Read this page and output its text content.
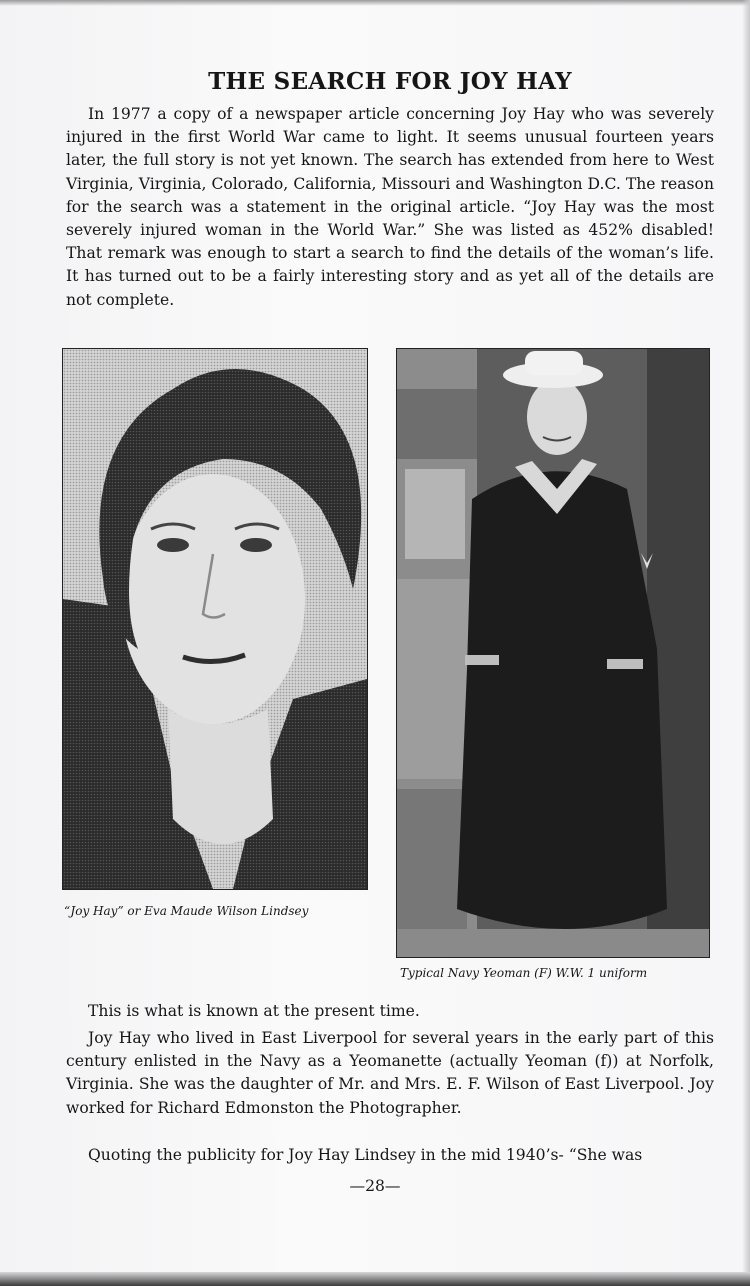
THE SEARCH FOR JOY HAY

In 1977 a copy of a newspaper article concerning Joy Hay who was severely injured in the first World War came to light. It seems unusual fourteen years later, the full story is not yet known. The search has extended from here to West Virginia, Virginia, Colorado, California, Missouri and Washington D.C. The reason for the search was a statement in the original article. “Joy Hay was the most severely injured woman in the World War.” She was listed as 452% disabled! That remark was enough to start a search to find the details of the woman’s life. It has turned out to be a fairly interesting story and as yet all of the details are not complete.

“Joy Hay” or Eva Maude Wilson Lindsey
Typical Navy Yeoman (F) W.W. 1 uniform

This is what is known at the present time.

Joy Hay who lived in East Liverpool for several years in the early part of this century enlisted in the Navy as a Yeomanette (actually Yeoman (f)) at Norfolk, Virginia. She was the daughter of Mr. and Mrs. E. F. Wilson of East Liverpool. Joy worked for Richard Edmonston the Photographer.

Quoting the publicity for Joy Hay Lindsey in the mid 1940’s- “She was

—28—
